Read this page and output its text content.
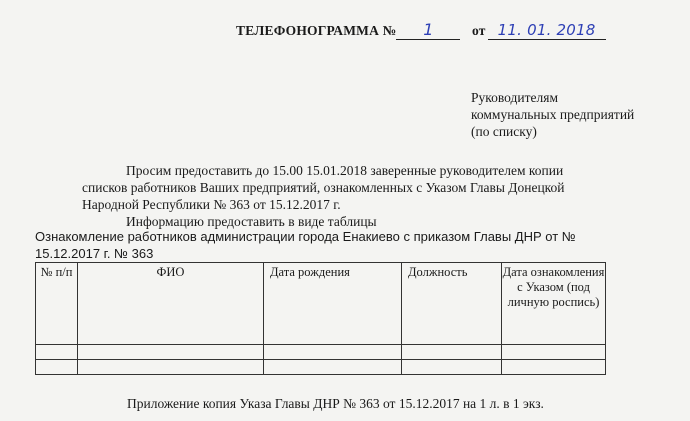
ТЕЛЕФОНОГРАММА № 1	от 11. 01. 2018
Руководителям
коммунальных предприятий
(по списку)
Просим предоставить до 15.00 15.01.2018 заверенные руководителем копии
списков работников Ваших предприятий, ознакомленных с Указом Главы Донецкой
Народной Республики № 363 от 15.12.2017 г.
Информацию предоставить в виде таблицы
Ознакомление работников администрации города Енакиево с приказом Главы ДНР от №
15.12.2017 г. № 363
№ п/п	ФИО	Дата рождения	Должность	Дата ознакомления с Указом (под личную роспись)

Приложение копия Указа Главы ДНР № 363 от 15.12.2017 на 1 л. в 1 экз.
